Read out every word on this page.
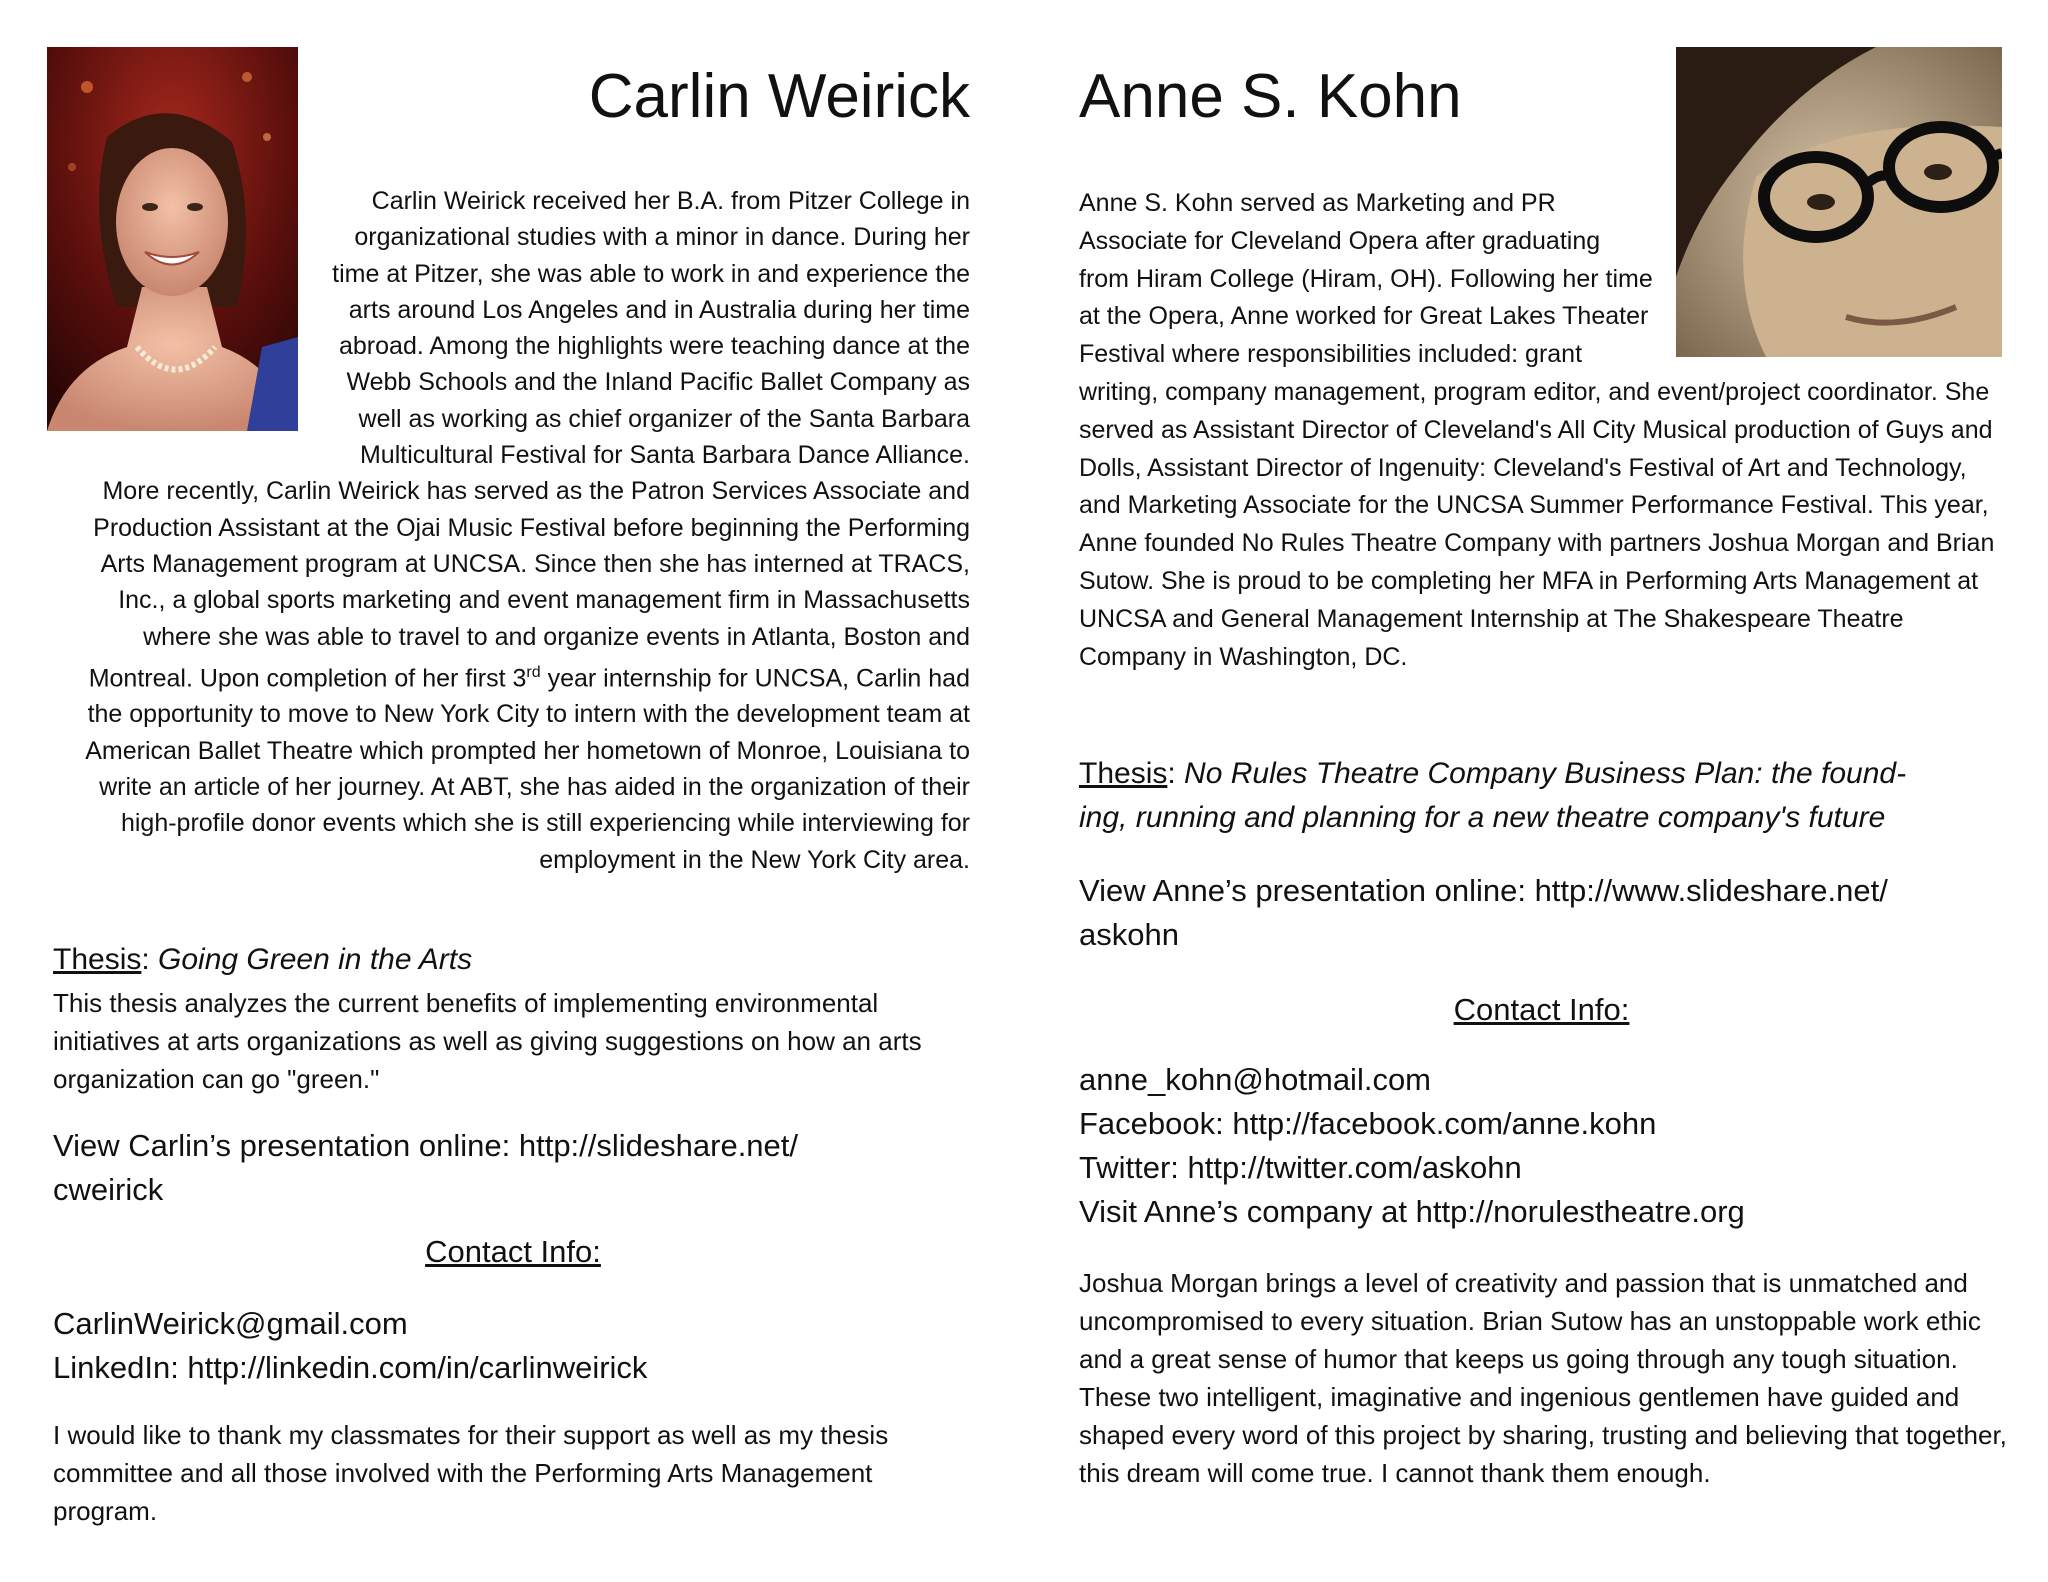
Carlin Weirick

Carlin Weirick received her B.A. from Pitzer College in organizational studies with a minor in dance. During her time at Pitzer, she was able to work in and experience the arts around Los Angeles and in Australia during her time abroad. Among the highlights were teaching dance at the Webb Schools and the Inland Pacific Ballet Company as well as working as chief organizer of the Santa Barbara Multicultural Festival for Santa Barbara Dance Alliance. More recently, Carlin Weirick has served as the Patron Services Associate and Production Assistant at the Ojai Music Festival before beginning the Performing Arts Management program at UNCSA. Since then she has interned at TRACS, Inc., a global sports marketing and event management firm in Massachusetts where she was able to travel to and organize events in Atlanta, Boston and Montreal. Upon completion of her first 3rd year internship for UNCSA, Carlin had the opportunity to move to New York City to intern with the development team at American Ballet Theatre which prompted her hometown of Monroe, Louisiana to write an article of her journey. At ABT, she has aided in the organization of their high-profile donor events which she is still experiencing while interviewing for employment in the New York City area.

Thesis: Going Green in the Arts

This thesis analyzes the current benefits of implementing environmental initiatives at arts organizations as well as giving suggestions on how an arts organization can go "green."

View Carlin’s presentation online: http://slideshare.net/
cweirick

Contact Info:

CarlinWeirick@gmail.com
LinkedIn: http://linkedin.com/in/carlinweirick

I would like to thank my classmates for their support as well as my thesis committee and all those involved with the Performing Arts Management program.

Anne S. Kohn

Anne S. Kohn served as Marketing and PR Associate for Cleveland Opera after graduating from Hiram College (Hiram, OH). Following her time at the Opera, Anne worked for Great Lakes Theater Festival where responsibilities included: grant writing, company management, program editor, and event/project coordinator. She served as Assistant Director of Cleveland's All City Musical production of Guys and Dolls, Assistant Director of Ingenuity: Cleveland's Festival of Art and Technology, and Marketing Associate for the UNCSA Summer Performance Festival. This year, Anne founded No Rules Theatre Company with partners Joshua Morgan and Brian Sutow. She is proud to be completing her MFA in Performing Arts Management at UNCSA and General Management Internship at The Shakespeare Theatre Company in Washington, DC.

Thesis: No Rules Theatre Company Business Plan: the found-
ing, running and planning for a new theatre company's future

View Anne’s presentation online: http://www.slideshare.net/
askohn

Contact Info:

anne_kohn@hotmail.com
Facebook: http://facebook.com/anne.kohn
Twitter: http://twitter.com/askohn
Visit Anne’s company at http://norulestheatre.org

Joshua Morgan brings a level of creativity and passion that is unmatched and uncompromised to every situation. Brian Sutow has an unstoppable work ethic and a great sense of humor that keeps us going through any tough situation. These two intelligent, imaginative and ingenious gentlemen have guided and shaped every word of this project by sharing, trusting and believing that together, this dream will come true. I cannot thank them enough.
